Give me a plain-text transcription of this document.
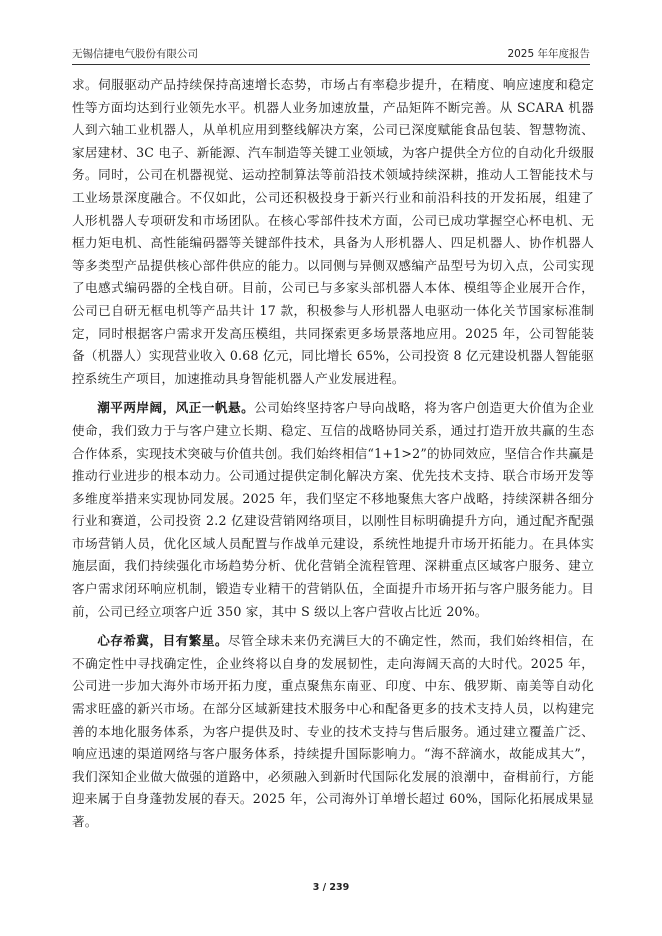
无锡信捷电气股份有限公司	2025 年年度报告

求。伺服驱动产品持续保持高速增长态势，市场占有率稳步提升，在精度、响应速度和稳定性等方面均达到行业领先水平。机器人业务加速放量，产品矩阵不断完善。从 SCARA 机器人到六轴工业机器人，从单机应用到整线解决方案，公司已深度赋能食品包装、智慧物流、家居建材、3C 电子、新能源、汽车制造等关键工业领域，为客户提供全方位的自动化升级服务。同时，公司在机器视觉、运动控制算法等前沿技术领域持续深耕，推动人工智能技术与工业场景深度融合。不仅如此，公司还积极投身于新兴行业和前沿科技的开发拓展，组建了人形机器人专项研发和市场团队。在核心零部件技术方面，公司已成功掌握空心杯电机、无框力矩电机、高性能编码器等关键部件技术，具备为人形机器人、四足机器人、协作机器人等多类型产品提供核心部件供应的能力。以同侧与异侧双感编产品型号为切入点，公司实现了电感式编码器的全栈自研。目前，公司已与多家头部机器人本体、模组等企业展开合作，公司已自研无框电机等产品共计 17 款，积极参与人形机器人电驱动一体化关节国家标准制定，同时根据客户需求开发高压模组，共同探索更多场景落地应用。2025 年，公司智能装备（机器人）实现营业收入 0.68 亿元，同比增长 65%，公司投资 8 亿元建设机器人智能驱控系统生产项目，加速推动具身智能机器人产业发展进程。

潮平两岸阔，风正一帆悬。公司始终坚持客户导向战略，将为客户创造更大价值为企业使命，我们致力于与客户建立长期、稳定、互信的战略协同关系，通过打造开放共赢的生态合作体系，实现技术突破与价值共创。我们始终相信“1+1>2”的协同效应，坚信合作共赢是推动行业进步的根本动力。公司通过提供定制化解决方案、优先技术支持、联合市场开发等多维度举措来实现协同发展。2025 年，我们坚定不移地聚焦大客户战略，持续深耕各细分行业和赛道，公司投资 2.2 亿建设营销网络项目，以刚性目标明确提升方向，通过配齐配强市场营销人员，优化区域人员配置与作战单元建设，系统性地提升市场开拓能力。在具体实施层面，我们持续强化市场趋势分析、优化营销全流程管理、深耕重点区域客户服务、建立客户需求闭环响应机制，锻造专业精干的营销队伍，全面提升市场开拓与客户服务能力。目前，公司已经立项客户近 350 家，其中 S 级以上客户营收占比近 20%。

心存希冀，目有繁星。尽管全球未来仍充满巨大的不确定性，然而，我们始终相信，在不确定性中寻找确定性，企业终将以自身的发展韧性，走向海阔天高的大时代。2025 年，公司进一步加大海外市场开拓力度，重点聚焦东南亚、印度、中东、俄罗斯、南美等自动化需求旺盛的新兴市场。在部分区域新建技术服务中心和配备更多的技术支持人员，以构建完善的本地化服务体系，为客户提供及时、专业的技术支持与售后服务。通过建立覆盖广泛、响应迅速的渠道网络与客户服务体系，持续提升国际影响力。“海不辞滴水，故能成其大”，我们深知企业做大做强的道路中，必须融入到新时代国际化发展的浪潮中，奋楫前行，方能迎来属于自身蓬勃发展的春天。2025 年，公司海外订单增长超过 60%，国际化拓展成果显著。

3 / 239
